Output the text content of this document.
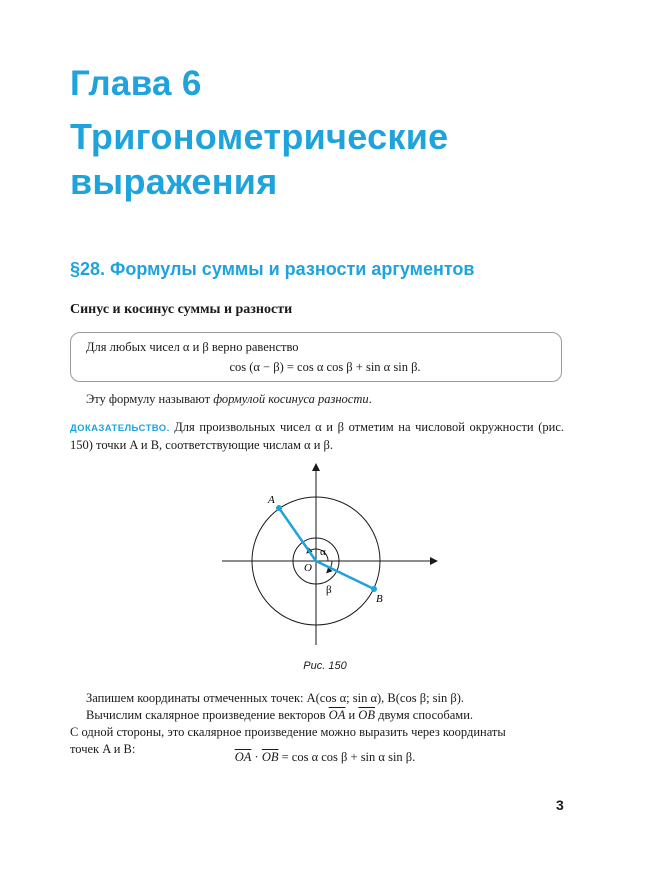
Глава 6
Тригонометрические выражения
§28. Формулы суммы и разности аргументов
Синус и косинус суммы и разности
Для любых чисел α и β верно равенство
cos (α − β) = cos α cos β + sin α sin β.
Эту формулу называют формулой косинуса разности.
ДОКАЗАТЕЛЬСТВО. Для произвольных чисел α и β отметим на числовой окружности (рис. 150) точки A и B, соответствующие числам α и β.
A
B
O
α
β
Рис. 150
Запишем координаты отмеченных точек: A(cos α; sin α), B(cos β; sin β).
Вычислим скалярное произведение векторов $\overline{OA}$ и $\overline{OB}$ двумя способами.
С одной стороны, это скалярное произведение можно выразить через координаты
точек A и B:
$\overline{OA} \cdot \overline{OB} = \cos \alpha$ cos β + sin α sin β.
3
